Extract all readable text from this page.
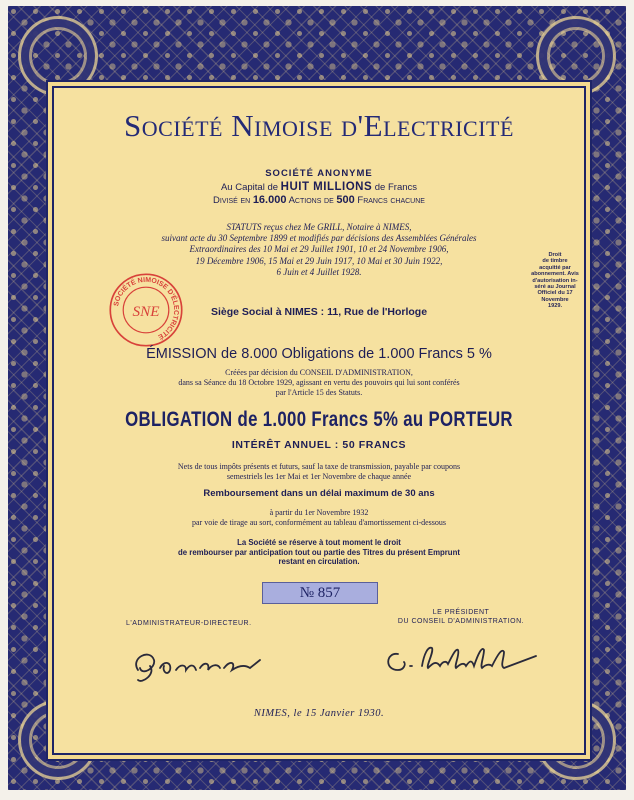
Société Nimoise d'Electricité
SOCIÉTÉ ANONYME
Au Capital de HUIT MILLIONS de Francs
Divisé en 16.000 Actions de 500 Francs chacune
STATUTS reçus chez Me GRILL, Notaire à NIMES,
suivant acte du 30 Septembre 1899 et modifiés par décisions des Assemblées Générales
Extraordinaires des 10 Mai et 29 Juillet 1901, 10 et 24 Novembre 1906,
19 Décembre 1906, 15 Mai et 29 Juin 1917, 10 Mai et 30 Juin 1922,
6 Juin et 4 Juillet 1928.
SOCIÉTÉ NIMOISE D'ÉLECTRICITÉ
SNE
Droit
de timbre
acquitté par
abonnement. Avis
d'autorisation in-
séré au Journal
Officiel du 17
Novembre
1929.
Siège Social à NIMES : 11, Rue de l'Horloge
ÉMISSION de 8.000 Obligations de 1.000 Francs 5 %
Créées par décision du CONSEIL D'ADMINISTRATION,
dans sa Séance du 18 Octobre 1929, agissant en vertu des pouvoirs qui lui sont conférés
par l'Article 15 des Statuts.
OBLIGATION de 1.000 Francs 5% au PORTEUR
INTÉRÊT ANNUEL : 50 FRANCS
Nets de tous impôts présents et futurs, sauf la taxe de transmission, payable par coupons
semestriels les 1er Mai et 1er Novembre de chaque année
Remboursement dans un délai maximum de 30 ans
à partir du 1er Novembre 1932
par voie de tirage au sort, conformément au tableau d'amortissement ci-dessous
La Société se réserve à tout moment le droit
de rembourser par anticipation tout ou partie des Titres du présent Emprunt
restant en circulation.
№ 857
L'ADMINISTRATEUR-DIRECTEUR.
LE PRÉSIDENT
DU CONSEIL D'ADMINISTRATION.
NIMES, le 15 Janvier 1930.
